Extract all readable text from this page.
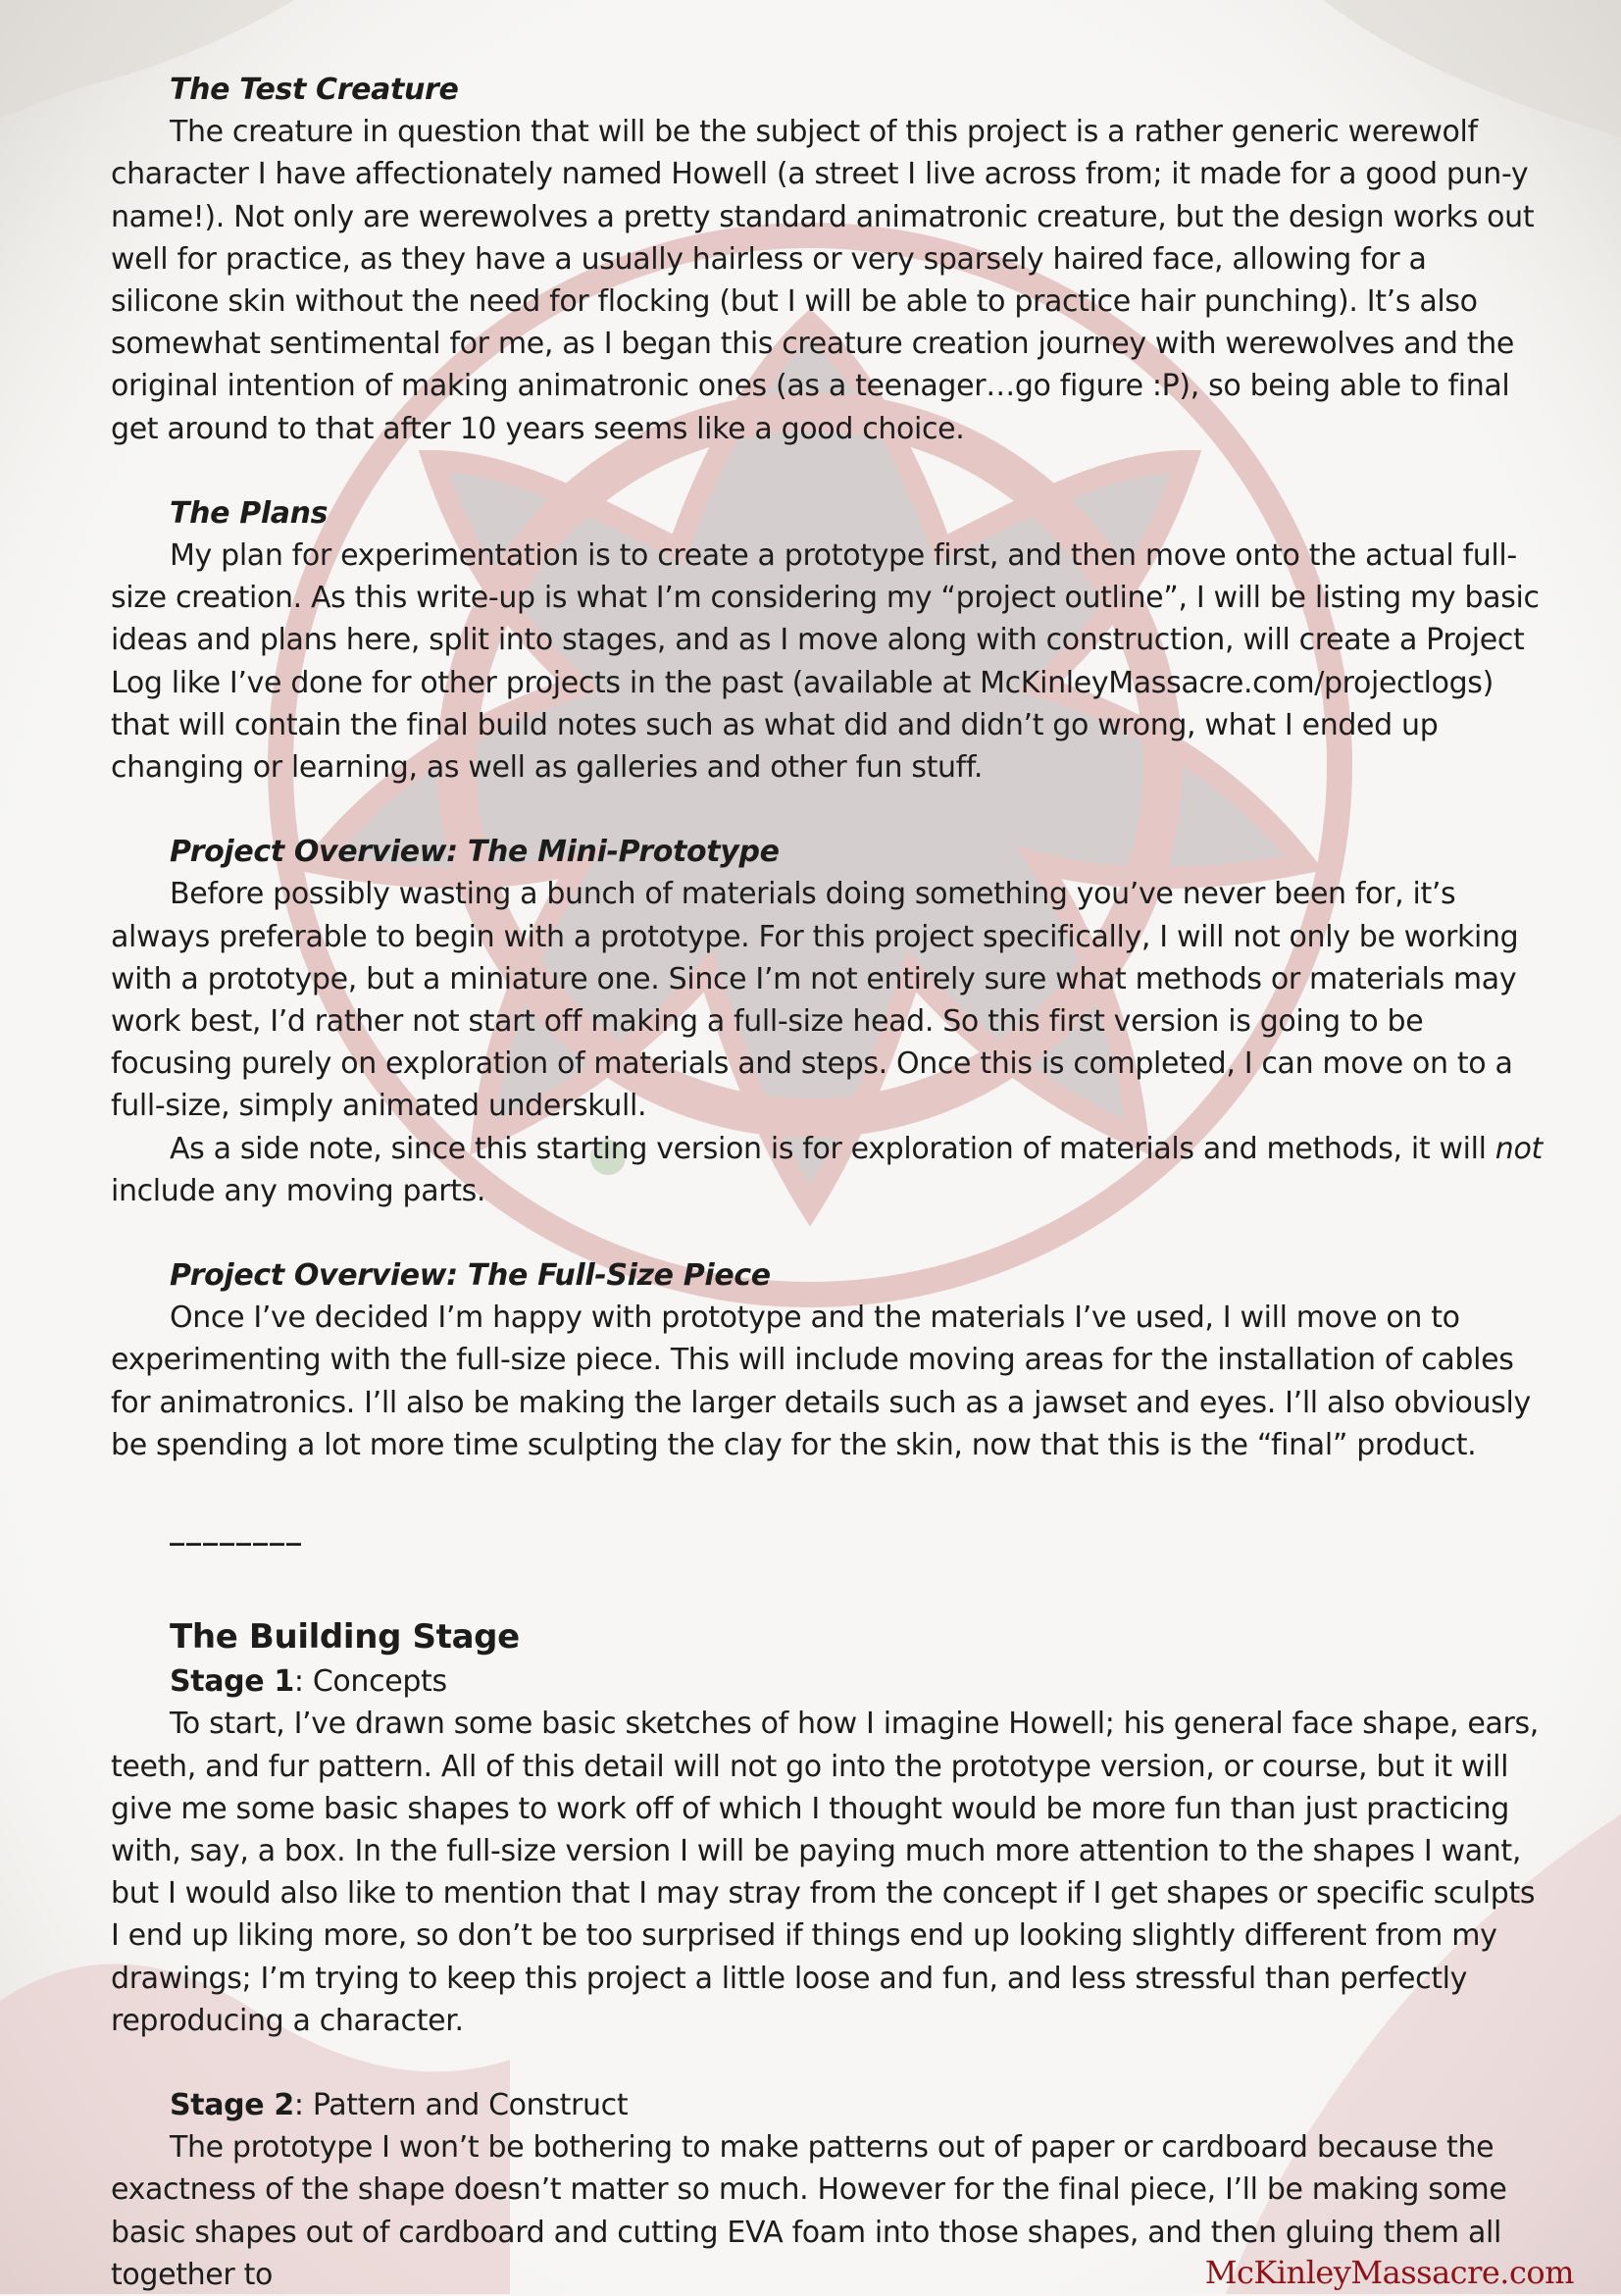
The Test Creature

The creature in question that will be the subject of this project is a rather generic werewolf character I have affectionately named Howell (a street I live across from; it made for a good pun-y name!). Not only are werewolves a pretty standard animatronic creature, but the design works out well for practice, as they have a usually hairless or very sparsely haired face, allowing for a silicone skin without the need for flocking (but I will be able to practice hair punching). It’s also somewhat sentimental for me, as I began this creature creation journey with werewolves and the original intention of making animatronic ones (as a teenager…go figure :P), so being able to final get around to that after 10 years seems like a good choice.

The Plans

My plan for experimentation is to create a prototype first, and then move onto the actual full-size creation. As this write-up is what I’m considering my “project outline”, I will be listing my basic ideas and plans here, split into stages, and as I move along with construction, will create a Project Log like I’ve done for other projects in the past (available at McKinleyMassacre.com/projectlogs) that will contain the final build notes such as what did and didn’t go wrong, what I ended up changing or learning, as well as galleries and other fun stuff.

Project Overview: The Mini-Prototype

Before possibly wasting a bunch of materials doing something you’ve never been for, it’s always preferable to begin with a prototype. For this project specifically, I will not only be working with a prototype, but a miniature one. Since I’m not entirely sure what methods or materials may work best, I’d rather not start off making a full-size head. So this first version is going to be focusing purely on exploration of materials and steps. Once this is completed, I can move on to a full-size, simply animated underskull.

As a side note, since this starting version is for exploration of materials and methods, it will not include any moving parts.

Project Overview: The Full-Size Piece

Once I’ve decided I’m happy with prototype and the materials I’ve used, I will move on to experimenting with the full-size piece. This will include moving areas for the installation of cables for animatronics. I’ll also be making the larger details such as a jawset and eyes. I’ll also obviously be spending a lot more time sculpting the clay for the skin, now that this is the “final” product.

________
The Building Stage
Stage 1: Concepts

To start, I’ve drawn some basic sketches of how I imagine Howell; his general face shape, ears, teeth, and fur pattern. All of this detail will not go into the prototype version, or course, but it will give me some basic shapes to work off of which I thought would be more fun than just practicing with, say, a box. In the full-size version I will be paying much more attention to the shapes I want, but I would also like to mention that I may stray from the concept if I get shapes or specific sculpts I end up liking more, so don’t be too surprised if things end up looking slightly different from my drawings; I’m trying to keep this project a little loose and fun, and less stressful than perfectly reproducing a character.

Stage 2: Pattern and Construct

The prototype I won’t be bothering to make patterns out of paper or cardboard because the exactness of the shape doesn’t matter so much. However for the final piece, I’ll be making some basic shapes out of cardboard and cutting EVA foam into those shapes, and then gluing them all together to	McKinleyMassacre.com
